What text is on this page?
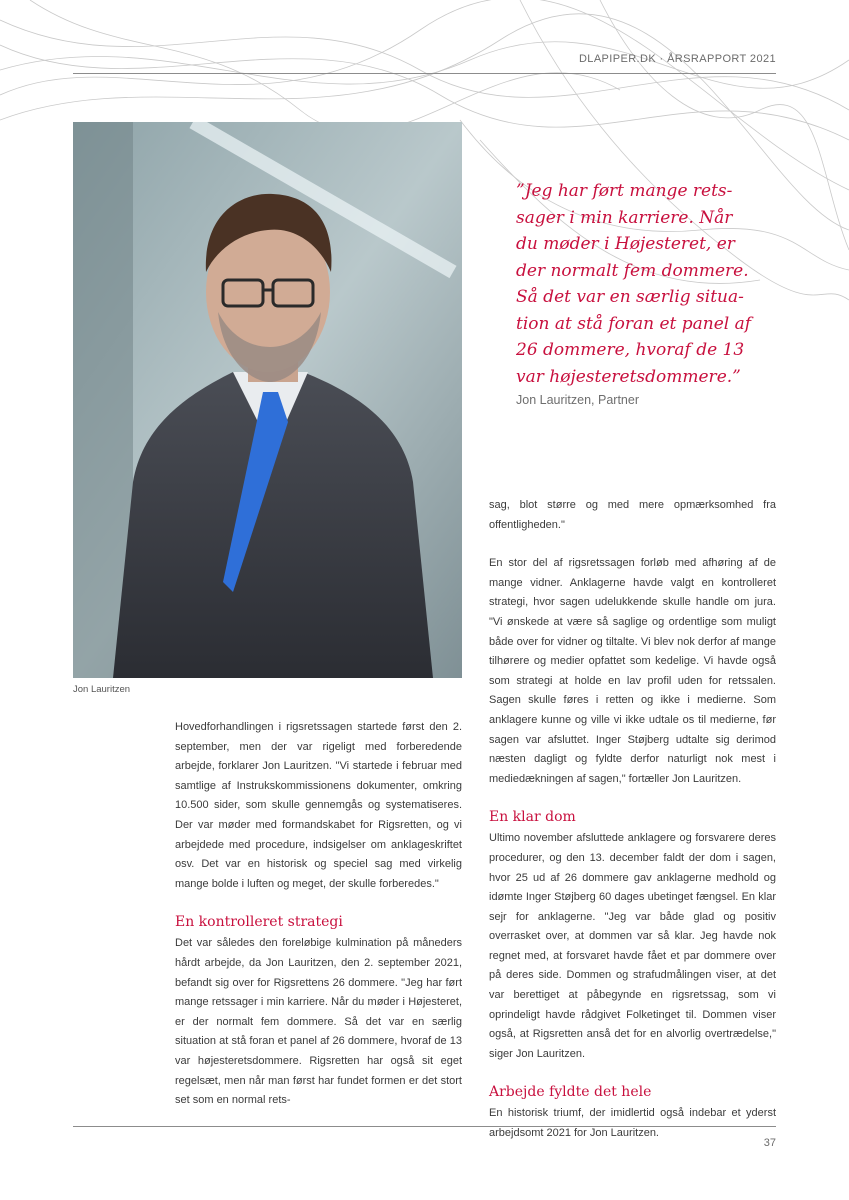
DLAPIPER.DK · ÅRSRAPPORT 2021
Jon Lauritzen
”Jeg har ført mange rets-
sager i min karriere. Når
du møder i Højesteret, er
der normalt fem dommere.
Så det var en særlig situa-
tion at stå foran et panel af
26 dommere, hvoraf de 13
var højesteretsdommere.”
Jon Lauritzen, Partner

Hovedforhandlingen i rigsretssagen startede først den 2. september, men der var rigeligt med forberedende arbejde, forklarer Jon Lauritzen. "Vi startede i februar med samtlige af Instrukskommissionens dokumenter, omkring 10.500 sider, som skulle gennemgås og systematiseres. Der var møder med formandskabet for Rigsretten, og vi arbejdede med procedure, indsigelser om anklageskriftet osv. Det var en historisk og speciel sag med virkelig mange bolde i luften og meget, der skulle forberedes."

En kontrolleret strategi

Det var således den foreløbige kulmination på måneders hårdt arbejde, da Jon Lauritzen, den 2. september 2021, befandt sig over for Rigsrettens 26 dommere. "Jeg har ført mange retssager i min karriere. Når du møder i Højesteret, er der normalt fem dommere. Så det var en særlig situation at stå foran et panel af 26 dommere, hvoraf de 13 var højesteretsdommere. Rigsretten har også sit eget regelsæt, men når man først har fundet formen er det stort set som en normal rets-

sag, blot større og med mere opmærksomhed fra offentligheden."

En stor del af rigsretssagen forløb med afhøring af de mange vidner. Anklagerne havde valgt en kontrolleret strategi, hvor sagen udelukkende skulle handle om jura. "Vi ønskede at være så saglige og ordentlige som muligt både over for vidner og tiltalte. Vi blev nok derfor af mange tilhørere og medier opfattet som kedelige. Vi havde også som strategi at holde en lav profil uden for retssalen. Sagen skulle føres i retten og ikke i medierne. Som anklagere kunne og ville vi ikke udtale os til medierne, før sagen var afsluttet. Inger Støjberg udtalte sig derimod næsten dagligt og fyldte derfor naturligt nok mest i mediedækningen af sagen," fortæller Jon Lauritzen.

En klar dom

Ultimo november afsluttede anklagere og forsvarere deres procedurer, og den 13. december faldt der dom i sagen, hvor 25 ud af 26 dommere gav anklagerne medhold og idømte Inger Støjberg 60 dages ubetinget fængsel. En klar sejr for anklagerne. "Jeg var både glad og positiv overrasket over, at dommen var så klar. Jeg havde nok regnet med, at forsvaret havde fået et par dommere over på deres side. Dommen og strafudmålingen viser, at det var berettiget at påbegynde en rigsretssag, som vi oprindeligt havde rådgivet Folketinget til. Dommen viser også, at Rigsretten anså det for en alvorlig overtrædelse," siger Jon Lauritzen.

Arbejde fyldte det hele

En historisk triumf, der imidlertid også indebar et yderst arbejdsomt 2021 for Jon Lauritzen.

37
